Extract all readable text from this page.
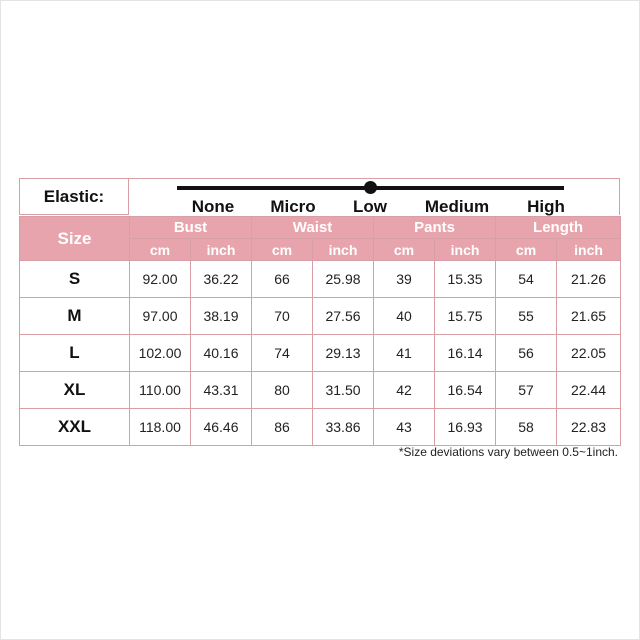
Elastic:
None Micro Low Medium High
Size	Bust		Waist		Pants		Length	
	cm	inch	cm	inch	cm	inch	cm	inch
S	92.00	36.22	66	25.98	39	15.35	54	21.26
M	97.00	38.19	70	27.56	40	15.75	55	21.65
L	102.00	40.16	74	29.13	41	16.14	56	22.05
XL	110.00	43.31	80	31.50	42	16.54	57	22.44
XXL	118.00	46.46	86	33.86	43	16.93	58	22.83
*Size deviations vary between 0.5~1inch.
